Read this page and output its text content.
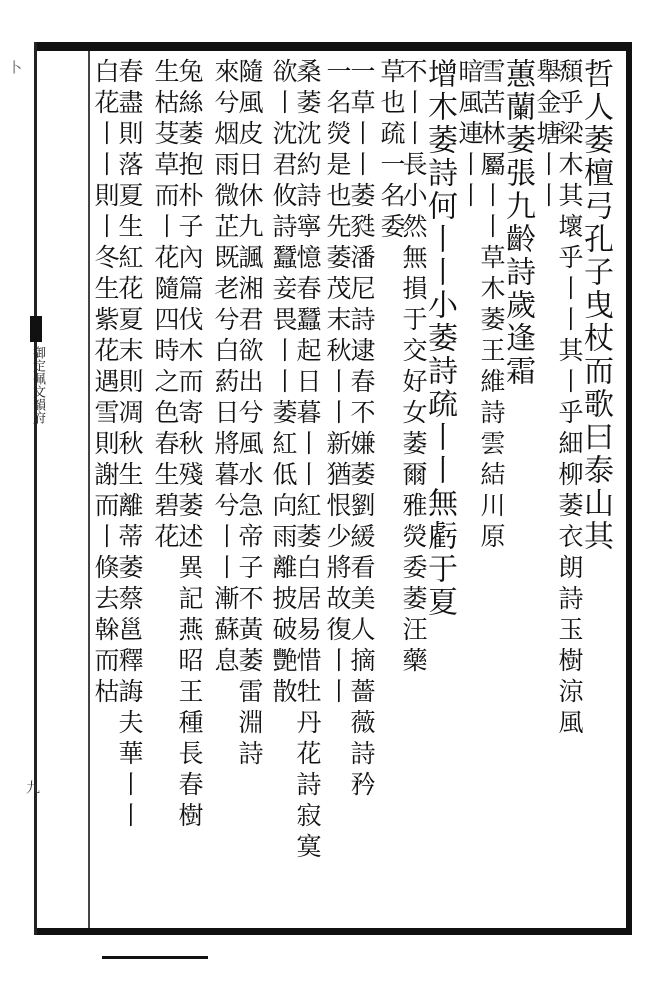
卜
御定佩文韻府
九
哲人萎檀弓孔子曳杖而歌曰泰山其
頹乎梁木其壞乎丨丨其丨乎細柳萎衣朗詩玉樹涼風
舉金塘丨丨
蕙蘭萎張九齡詩歲逢霜
雪苦林屬丨丨草木萎王維詩雲結川原
暗風連丨丨
增木萎詩何丨丨小萎詩疏丨丨無虧于夏
不丨丨長小然無損于交好女萎爾雅熒委萎汪藥
草也疏一名委
一草丨丨萎甤潘尼詩逮春不嫌萎劉緩看美人摘薔薇詩矜
一名熒是也先萎茂末秋丨丨新猶恨少將故復丨丨
桑萎沈約詩寧憶春蠶起日暮丨丨紅萎白居易惜牡丹花詩寂寞
欲丨沈君攸詩蠶妾畏丨丨萎紅低向雨離披破艷散
隨風皮日休九諷湘君欲出兮風水急帝子不黃萎雷淵詩
來兮烟雨微芷既老兮白葯日將暮兮丨丨漸蘇息
兔絲萎抱朴子內篇伐木而寄秋殘萎述異記燕昭王種長春樹
生枯芟草而丨花隨四時之色春生碧花
春盡則落夏生紅花夏末則凋秋生離蒂萎蔡邕釋誨夫華丨丨
白花丨丨則丨冬生紫花遇雪則謝而丨倏去榦而枯
